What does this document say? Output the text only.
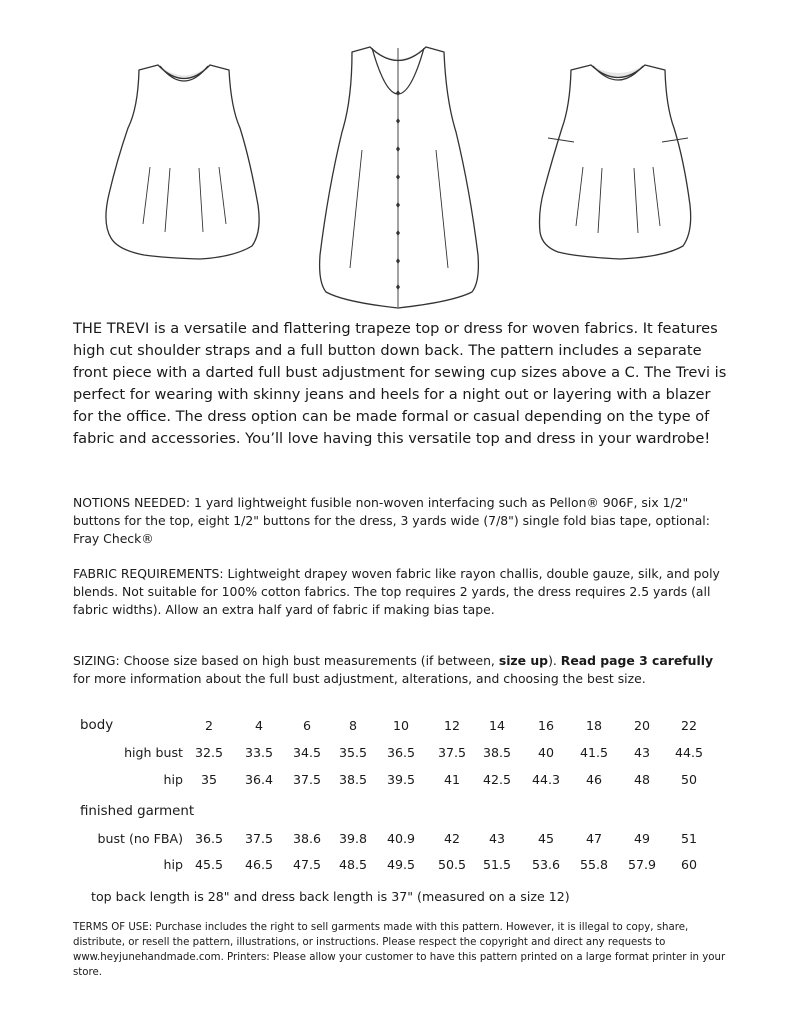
THE TREVI is a versatile and flattering trapeze top or dress for woven fabrics. It features high cut shoulder straps and a full button down back. The pattern includes a separate front piece with a darted full bust adjustment for sewing cup sizes above a C. The Trevi is perfect for wearing with skinny jeans and heels for a night out or layering with a blazer for the office. The dress option can be made formal or casual depending on the type of fabric and accessories. You’ll love having this versatile top and dress in your wardrobe!

NOTIONS NEEDED: 1 yard lightweight fusible non-woven interfacing such as Pellon® 906F, six 1/2" buttons for the top, eight 1/2" buttons for the dress, 3 yards wide (7/8") single fold bias tape, optional: Fray Check®

FABRIC REQUIREMENTS: Lightweight drapey woven fabric like rayon challis, double gauze, silk, and poly blends. Not suitable for 100% cotton fabrics. The top requires 2 yards, the dress requires 2.5 yards (all fabric widths). Allow an extra half yard of fabric if making bias tape.

SIZING: Choose size based on high bust measurements (if between, size up). Read page 3 carefully for more information about the full bust adjustment, alterations, and choosing the best size.

body
finished garment
2	4	6	8	10	12 14	16	18	20 22
high bust 32.5 33.5 34.5 35.5 36.5 37.5 38.5 40 41.5 43 44.5
hip 35 36.4 37.5 38.5 39.5 41 42.5 44.3 46	48 50
bust (no FBA) 36.5 37.5 38.6 39.8 40.9 42 43	45	47	49 51
hip 45.5 46.5 47.5 48.5 49.5 50.5 51.5 53.6 55.8 57.9 60
top back length is 28" and dress back length is 37" (measured on a size 12)

TERMS OF USE: Purchase includes the right to sell garments made with this pattern. However, it is illegal to copy, share, distribute, or resell the pattern, illustrations, or instructions. Please respect the copyright and direct any requests to www.heyjunehandmade.com. Printers: Please allow your customer to have this pattern printed on a large format printer in your store.
